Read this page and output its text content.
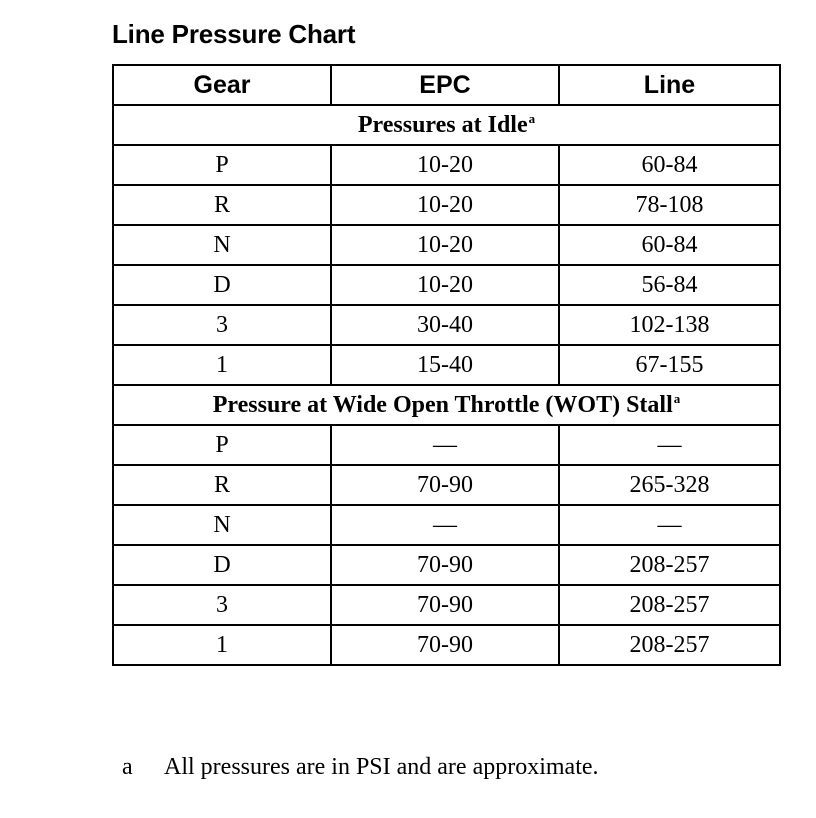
Line Pressure Chart
Gear	EPC	Line
Pressures at Idle$^a$
P	10-20	60-84
R	10-20	78-108
N	10-20	60-84
D	10-20	56-84
3	30-40	102-138
1	15-40	67-155
Pressure at Wide Open Throttle (WOT) Stall$^a$
P	—	—
R	70-90	265-328
N	—	—
D	70-90	208-257
3	70-90	208-257
1	70-90	208-257
a All pressures are in PSI and are approximate.
